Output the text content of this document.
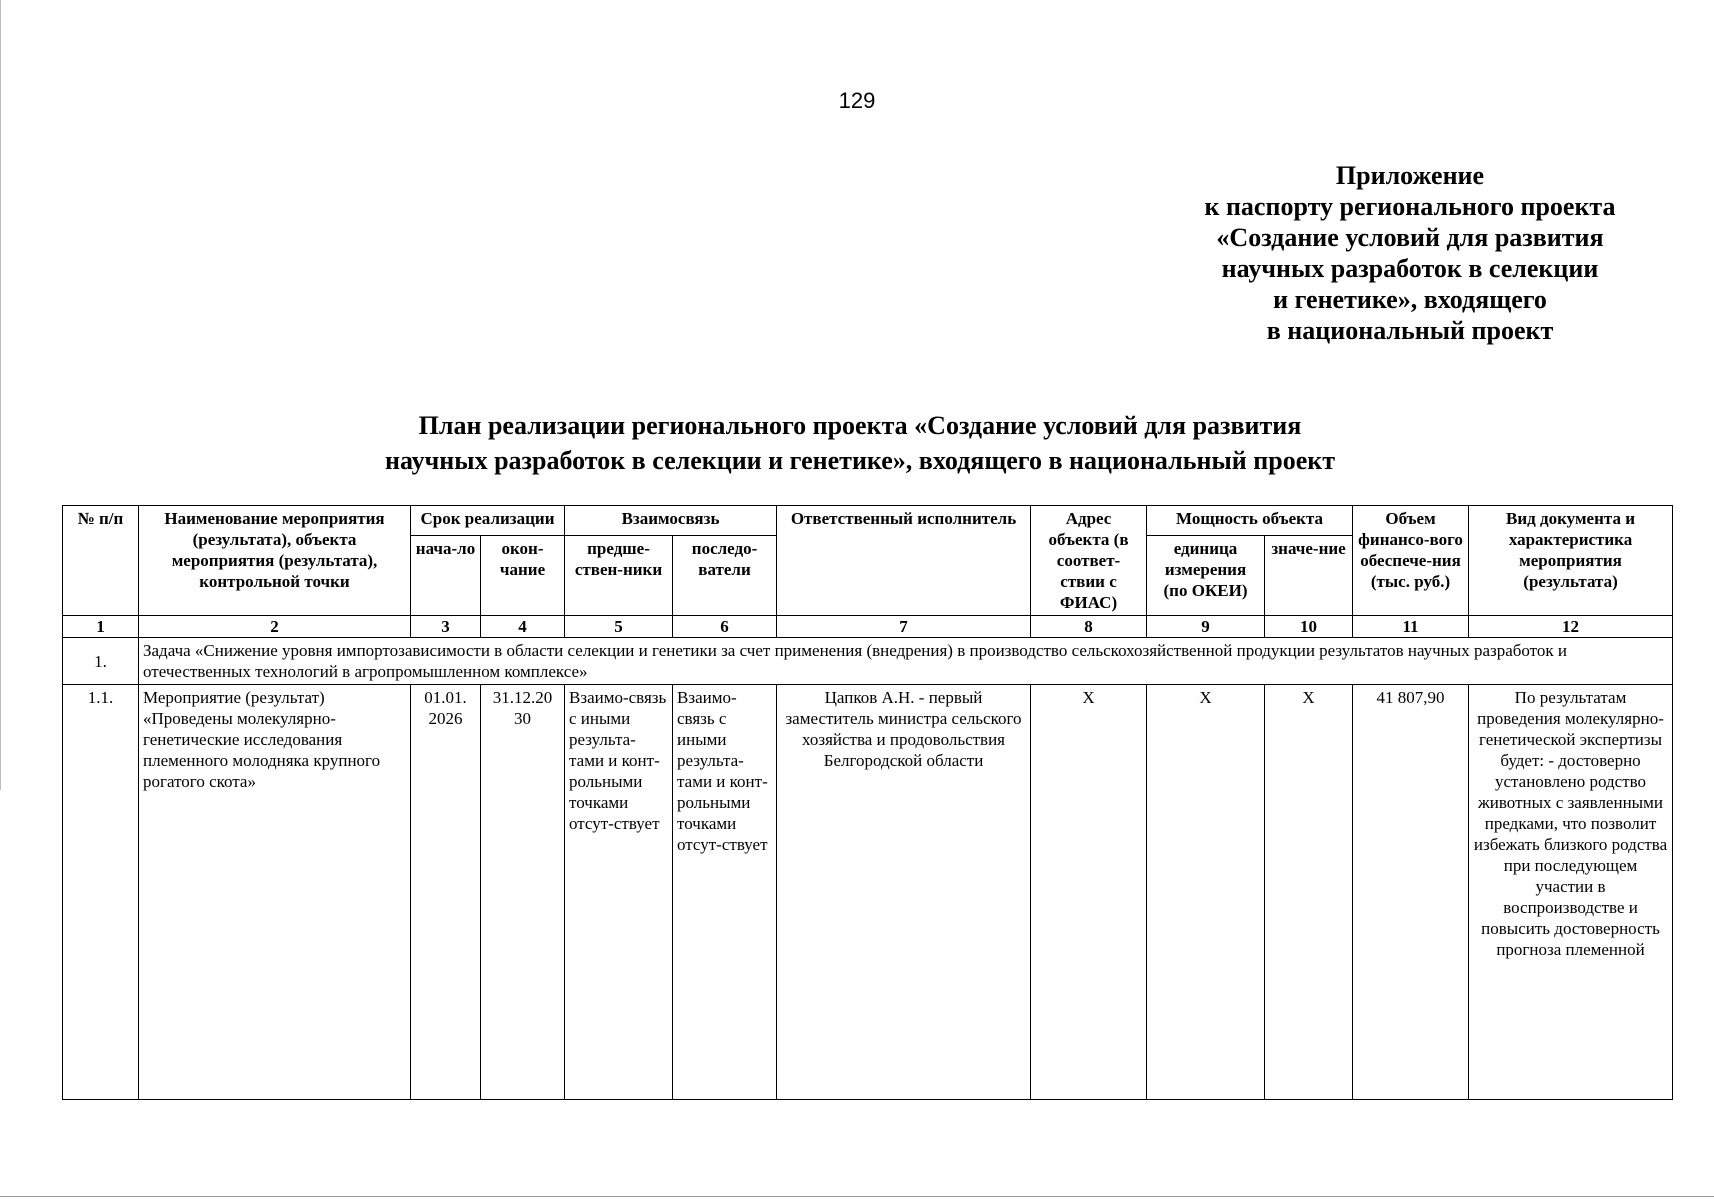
129
Приложение
к паспорту регионального проекта
«Создание условий для развития
научных разработок в селекции
и генетике», входящего
в национальный проект
План реализации регионального проекта «Создание условий для развития
научных разработок в селекции и генетике», входящего в национальный проект
№ п/п	Наименование мероприятия (результата), объекта мероприятия (результата), контрольной точки	Срок реализации		Взаимосвязь		Ответственный исполнитель	Адрес объекта (в соответ-ствии с ФИАС)	Мощность объекта		Объем финансо-вого обеспече-ния (тыс. руб.)	Вид документа и характеристика мероприятия (результата)
		нача-ло	окон-чание	предше-ствен-ники	последо-ватели			единица измерения (по ОКЕИ)	значе-ние		
1	2	3	4	5	6	7	8	9	10	11	12
1.	Задача «Снижение уровня импортозависимости в области селекции и генетики за счет применения (внедрения) в производство сельскохозяйственной продукции результатов научных разработок и отечественных технологий в агропромышленном комплексе»										
1.1.	Мероприятие (результат) «Проведены молекулярно-генетические исследования племенного молодняка крупного рогатого скота»	01.01. 2026	31.12.20 30	Взаимо-связь с иными результа-тами и конт-рольными точками отсут-ствует	Взаимо-связь с иными результа-тами и конт-рольными точками отсут-ствует	Цапков А.Н. - первый заместитель министра сельского хозяйства и продовольствия Белгородской области	Х	Х	Х	41 807,90	По результатам проведения молекулярно-генетической экспертизы будет: - достоверно установлено родство животных с заявленными предками, что позволит избежать близкого родства при последующем участии в воспроизводстве и повысить достоверность прогноза племенной
